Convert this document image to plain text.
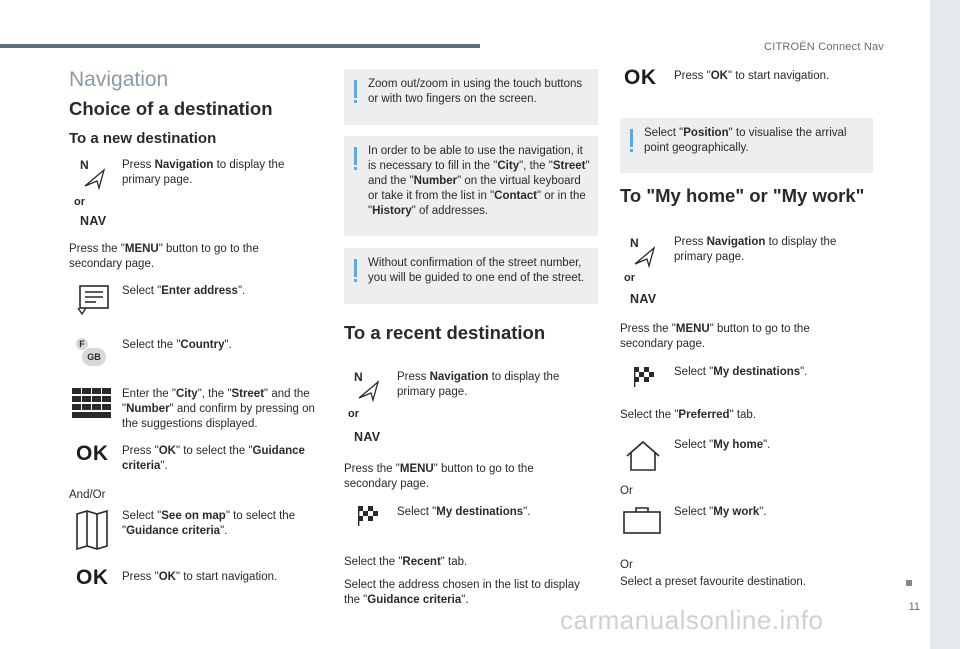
CITROËN Connect Nav
11
carmanualsonline.info
Navigation
Choice of a destination
To a new destination
N
or
NAV
Press Navigation to display the primary page.
Press the "MENU" button to go to the secondary page.
Select "Enter address".
F
GB
Select the "Country".
Enter the "City", the "Street" and the "Number" and confirm by pressing on the suggestions displayed.
OK Press "OK" to select the "Guidance criteria".
And/Or
Select "See on map" to select the "Guidance criteria".
OK Press "OK" to start navigation.
Zoom out/zoom in using the touch buttons or with two fingers on the screen.
In order to be able to use the navigation, it is necessary to fill in the "City", the "Street" and the "Number" on the virtual keyboard or take it from the list in "Contact" or in the "History" of addresses.
Without confirmation of the street number, you will be guided to one end of the street.
To a recent destination
N
or
NAV
Press Navigation to display the primary page.
Press the "MENU" button to go to the secondary page.
Select "My destinations".
Select the "Recent" tab.
Select the address chosen in the list to display the "Guidance criteria".
OK Press "OK" to start navigation.
Select "Position" to visualise the arrival point geographically.
To "My home" or "My work"
N
or
NAV
Press Navigation to display the primary page.
Press the "MENU" button to go to the secondary page.
Select "My destinations".
Select the "Preferred" tab.
Select "My home".
Or
Select "My work".
Or
Select a preset favourite destination.
